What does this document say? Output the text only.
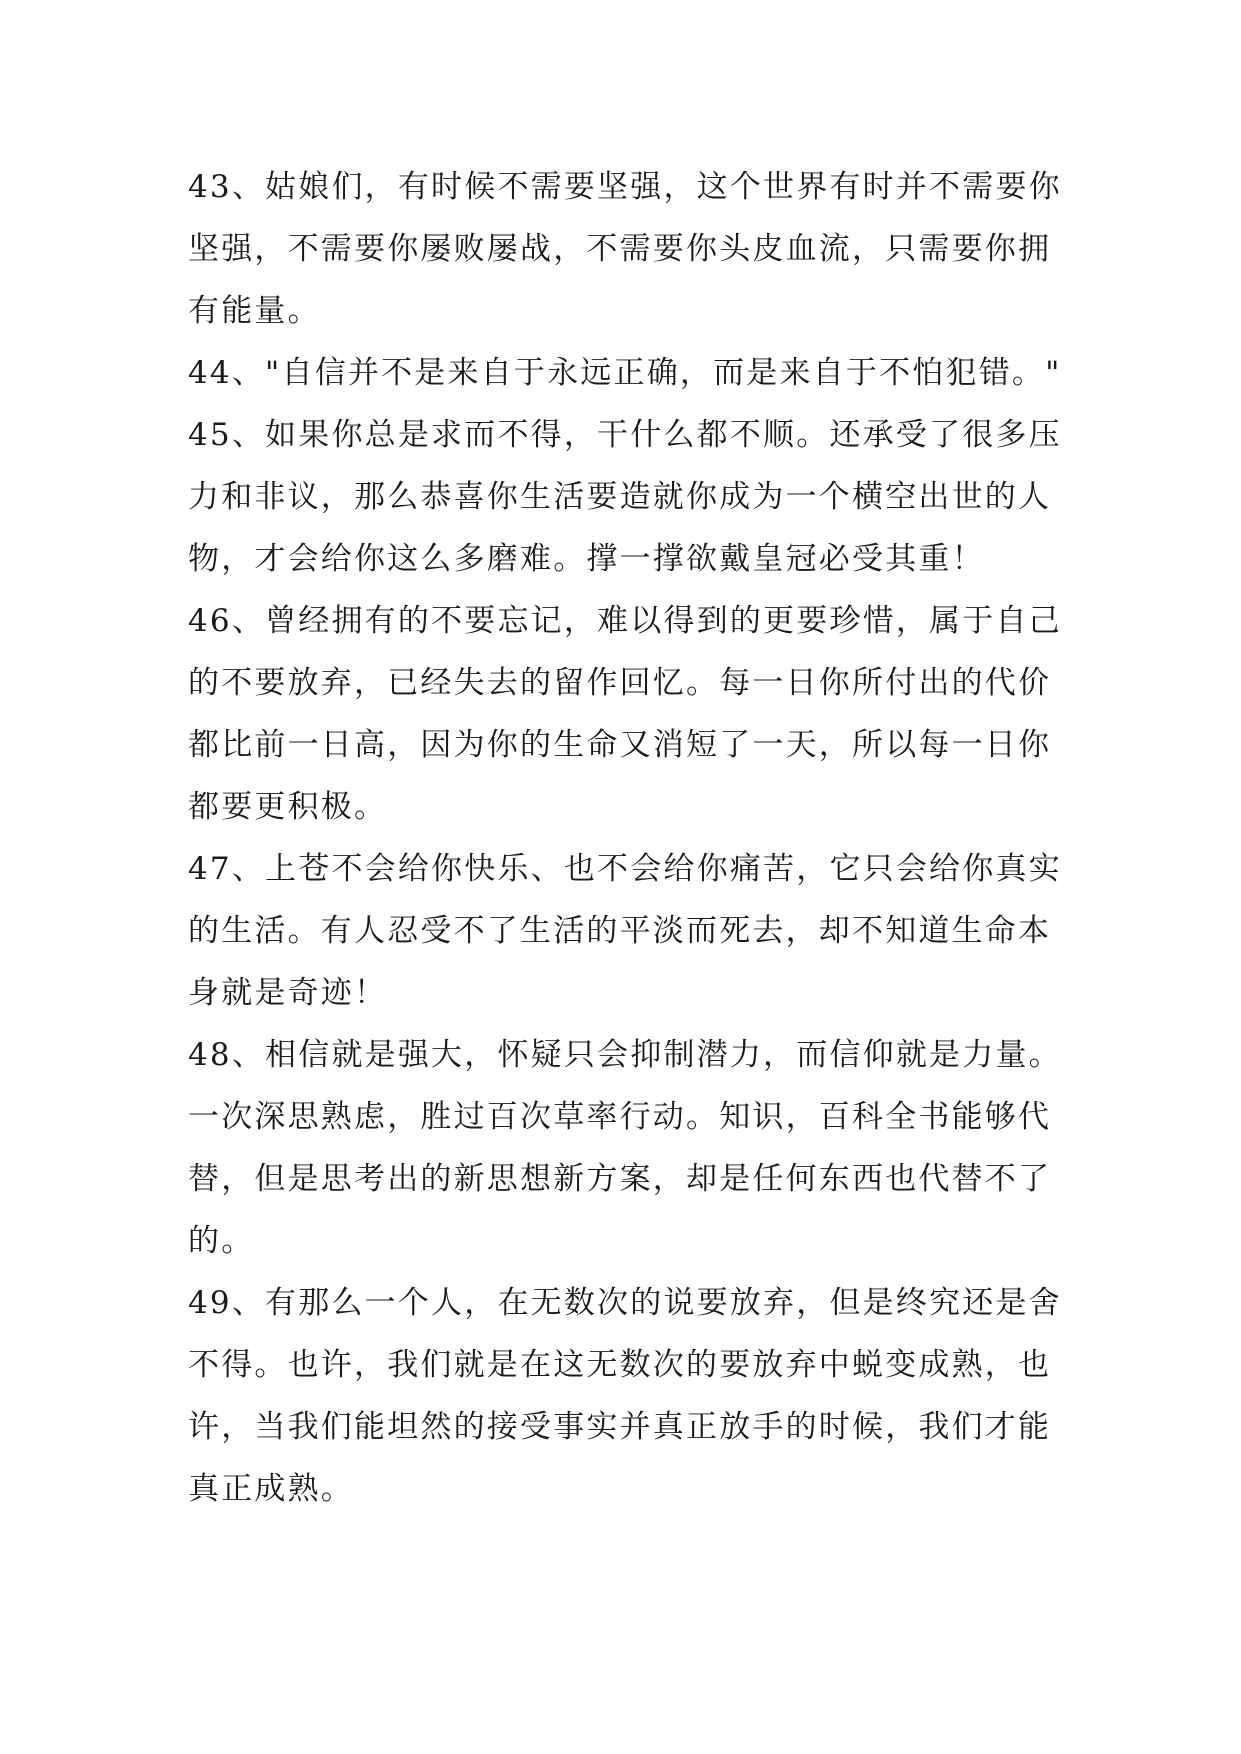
43、姑娘们，有时候不需要坚强，这个世界有时并不需要你
坚强，不需要你屡败屡战，不需要你头皮血流，只需要你拥
有能量。
44、"自信并不是来自于永远正确，而是来自于不怕犯错。"
45、如果你总是求而不得，干什么都不顺。还承受了很多压
力和非议，那么恭喜你生活要造就你成为一个横空出世的人
物，才会给你这么多磨难。撑一撑欲戴皇冠必受其重！
46、曾经拥有的不要忘记，难以得到的更要珍惜，属于自己
的不要放弃，已经失去的留作回忆。每一日你所付出的代价
都比前一日高，因为你的生命又消短了一天，所以每一日你
都要更积极。
47、上苍不会给你快乐、也不会给你痛苦，它只会给你真实
的生活。有人忍受不了生活的平淡而死去，却不知道生命本
身就是奇迹！
48、相信就是强大，怀疑只会抑制潜力，而信仰就是力量。
一次深思熟虑，胜过百次草率行动。知识，百科全书能够代
替，但是思考出的新思想新方案，却是任何东西也代替不了
的。
49、有那么一个人，在无数次的说要放弃，但是终究还是舍
不得。也许，我们就是在这无数次的要放弃中蜕变成熟，也
许，当我们能坦然的接受事实并真正放手的时候，我们才能
真正成熟。
